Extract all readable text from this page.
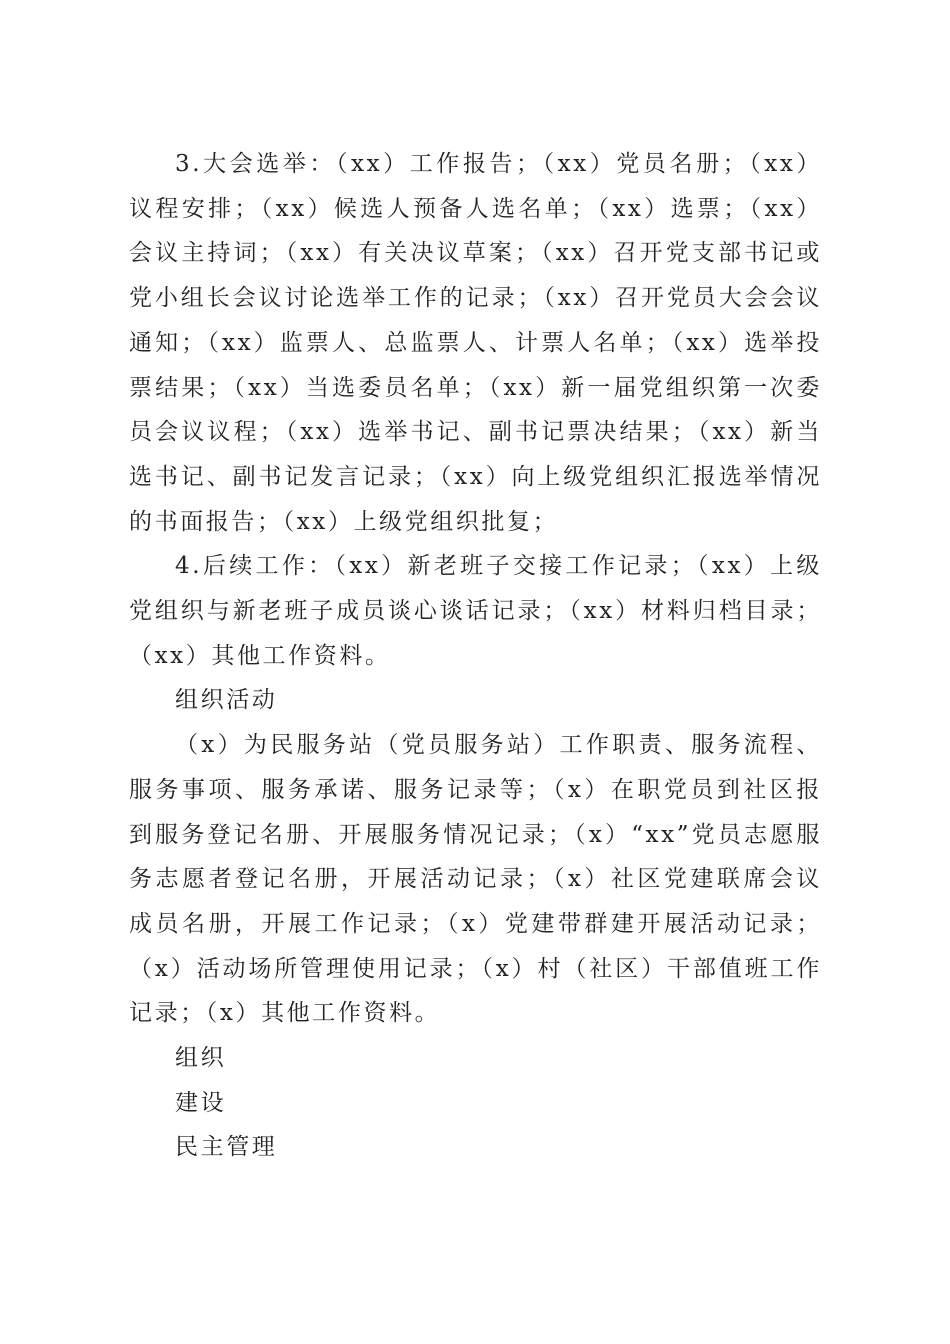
3.大会选举：（xx）工作报告；（xx）党员名册；（xx）议程安排；（xx）候选人预备人选名单；（xx）选票；（xx）会议主持词；（xx）有关决议草案；（xx）召开党支部书记或党小组长会议讨论选举工作的记录；（xx）召开党员大会会议通知；（xx）监票人、总监票人、计票人名单；（xx）选举投票结果；（xx）当选委员名单；（xx）新一届党组织第一次委员会议议程；（xx）选举书记、副书记票决结果；（xx）新当选书记、副书记发言记录；（xx）向上级党组织汇报选举情况的书面报告；（xx）上级党组织批复；

4.后续工作：（xx）新老班子交接工作记录；（xx）上级党组织与新老班子成员谈心谈话记录；（xx）材料归档目录；（xx）其他工作资料。

组织活动

（x）为民服务站（党员服务站）工作职责、服务流程、服务事项、服务承诺、服务记录等；（x）在职党员到社区报到服务登记名册、开展服务情况记录；（x）“xx”党员志愿服务志愿者登记名册，开展活动记录；（x）社区党建联席会议成员名册，开展工作记录；（x）党建带群建开展活动记录；（x）活动场所管理使用记录；（x）村（社区）干部值班工作记录；（x）其他工作资料。

组织

建设

民主管理
